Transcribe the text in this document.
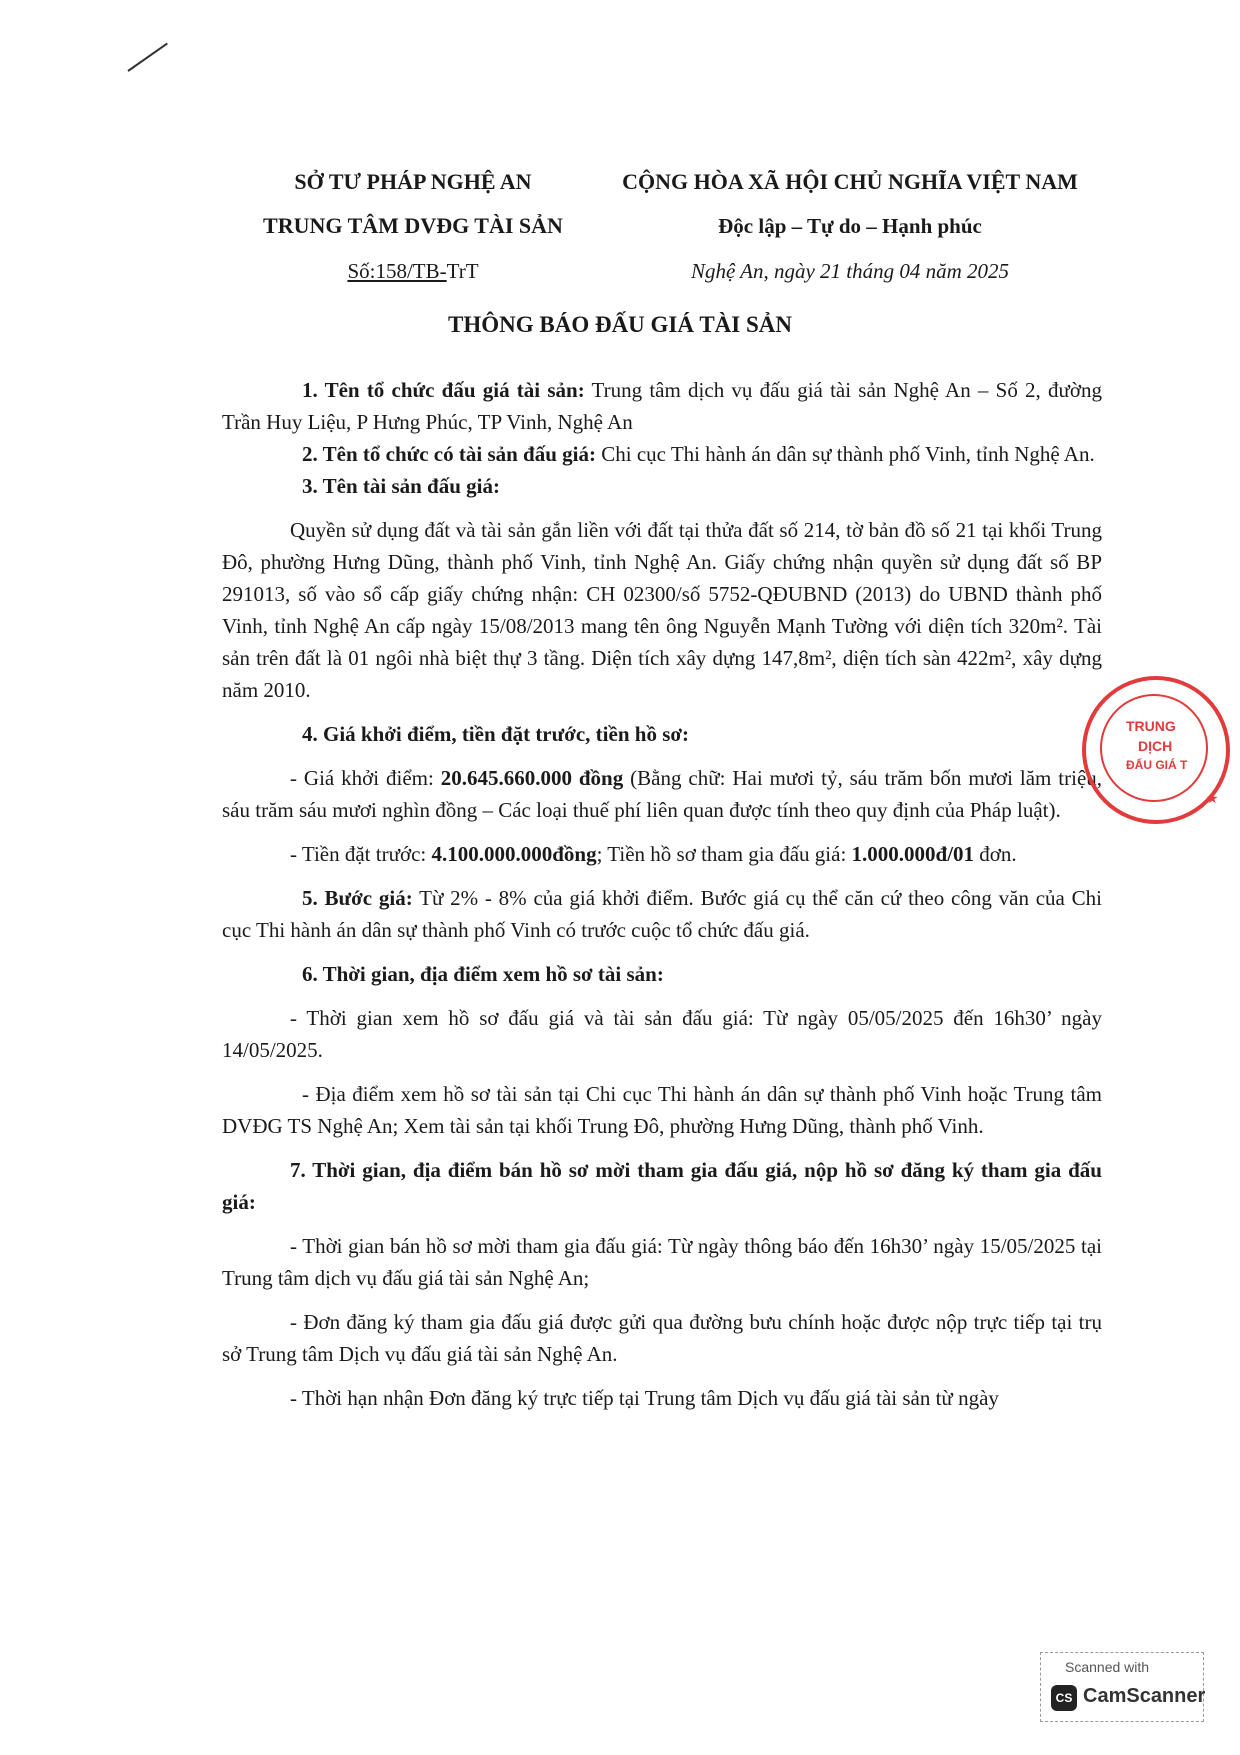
SỞ TƯ PHÁP NGHỆ AN
TRUNG TÂM DVĐG TÀI SẢN
Số:158/TB-TrT
CỘNG HÒA XÃ HỘI CHỦ NGHĨA VIỆT NAM
Độc lập – Tự do – Hạnh phúc
Nghệ An, ngày 21 tháng 04 năm 2025
THÔNG BÁO ĐẤU GIÁ TÀI SẢN

1. Tên tổ chức đấu giá tài sản: Trung tâm dịch vụ đấu giá tài sản Nghệ An – Số 2, đường Trần Huy Liệu, P Hưng Phúc, TP Vinh, Nghệ An

2. Tên tổ chức có tài sản đấu giá: Chi cục Thi hành án dân sự thành phố Vinh, tỉnh Nghệ An.

3. Tên tài sản đấu giá:

Quyền sử dụng đất và tài sản gắn liền với đất tại thửa đất số 214, tờ bản đồ số 21 tại khối Trung Đô, phường Hưng Dũng, thành phố Vinh, tỉnh Nghệ An. Giấy chứng nhận quyền sử dụng đất số BP 291013, số vào sổ cấp giấy chứng nhận: CH 02300/số 5752-QĐUBND (2013) do UBND thành phố Vinh, tỉnh Nghệ An cấp ngày 15/08/2013 mang tên ông Nguyễn Mạnh Tường với diện tích 320m². Tài sản trên đất là 01 ngôi nhà biệt thự 3 tầng. Diện tích xây dựng 147,8m², diện tích sàn 422m², xây dựng năm 2010.

4. Giá khởi điểm, tiền đặt trước, tiền hồ sơ:

- Giá khởi điểm: 20.645.660.000 đồng (Bằng chữ: Hai mươi tỷ, sáu trăm bốn mươi lăm triệu, sáu trăm sáu mươi nghìn đồng – Các loại thuế phí liên quan được tính theo quy định của Pháp luật).

- Tiền đặt trước: 4.100.000.000đồng; Tiền hồ sơ tham gia đấu giá: 1.000.000đ/01 đơn.

5. Bước giá: Từ 2% - 8% của giá khởi điểm. Bước giá cụ thể căn cứ theo công văn của Chi cục Thi hành án dân sự thành phố Vinh có trước cuộc tổ chức đấu giá.

6. Thời gian, địa điểm xem hồ sơ tài sản:

- Thời gian xem hồ sơ đấu giá và tài sản đấu giá: Từ ngày 05/05/2025 đến 16h30’ ngày 14/05/2025.

- Địa điểm xem hồ sơ tài sản tại Chi cục Thi hành án dân sự thành phố Vinh hoặc Trung tâm DVĐG TS Nghệ An; Xem tài sản tại khối Trung Đô, phường Hưng Dũng, thành phố Vinh.

7. Thời gian, địa điểm bán hồ sơ mời tham gia đấu giá, nộp hồ sơ đăng ký tham gia đấu giá:

- Thời gian bán hồ sơ mời tham gia đấu giá: Từ ngày thông báo đến 16h30’ ngày 15/05/2025 tại Trung tâm dịch vụ đấu giá tài sản Nghệ An;

- Đơn đăng ký tham gia đấu giá được gửi qua đường bưu chính hoặc được nộp trực tiếp tại trụ sở Trung tâm Dịch vụ đấu giá tài sản Nghệ An.

- Thời hạn nhận Đơn đăng ký trực tiếp tại Trung tâm Dịch vụ đấu giá tài sản từ ngày

TRUNG
DỊCH
ĐẤU GIÁ T
★
Scanned with
CS CamScanner
